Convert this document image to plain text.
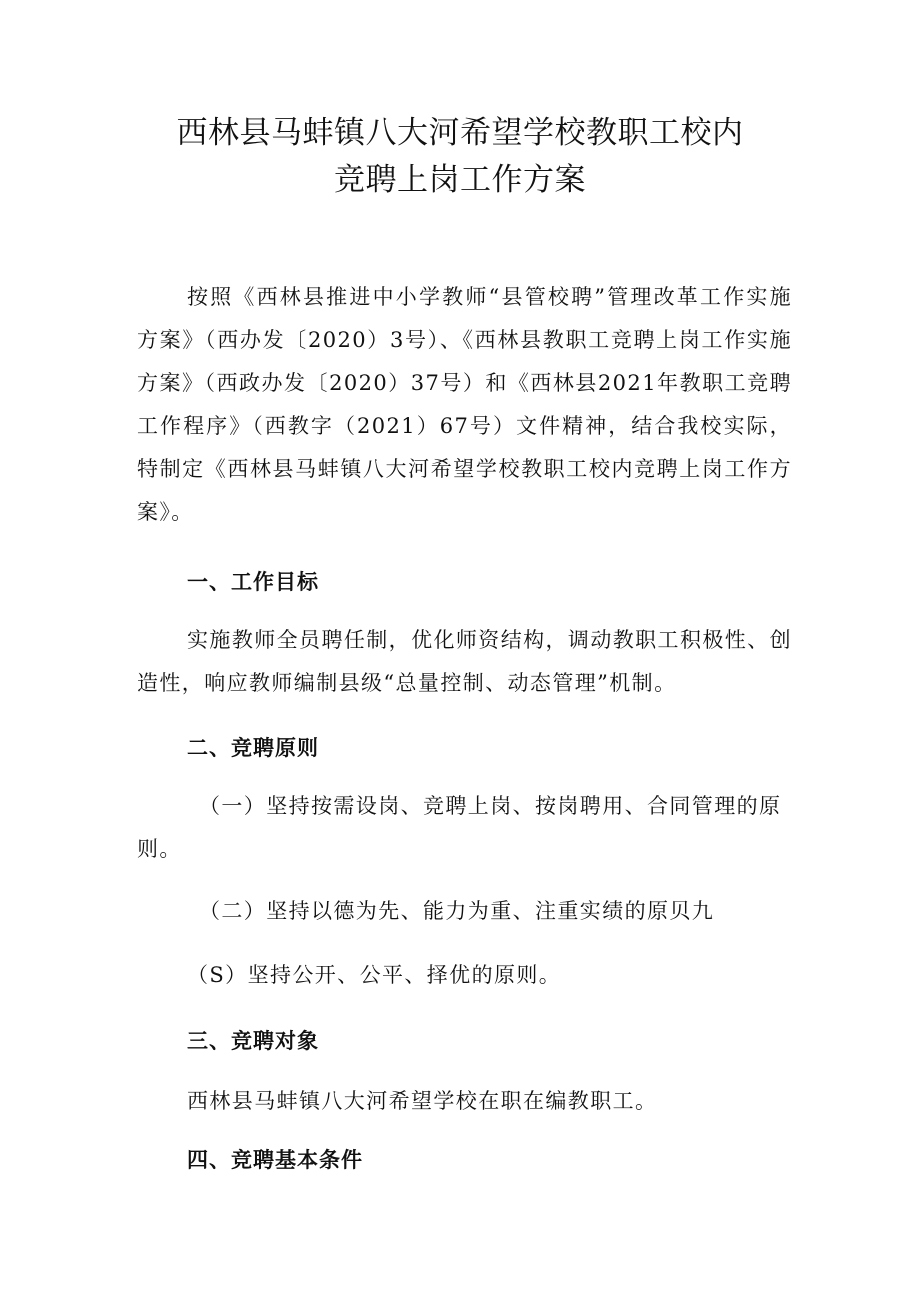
西林县马蚌镇八大河希望学校教职工校内
竞聘上岗工作方案

按照《西林县推进中小学教师“县管校聘”管理改革工作实施方案》（西办发〔2020）3号）、《西林县教职工竞聘上岗工作实施方案》（西政办发〔2020）37号）和《西林县2021年教职工竞聘工作程序》（西教字（2021）67号）文件精神，结合我校实际，特制定《西林县马蚌镇八大河希望学校教职工校内竞聘上岗工作方案》。

一、工作目标

实施教师全员聘任制，优化师资结构，调动教职工积极性、创造性，响应教师编制县级“总量控制、动态管理”机制。

二、竞聘原则

（一）坚持按需设岗、竞聘上岗、按岗聘用、合同管理的原则。

（二）坚持以德为先、能力为重、注重实绩的原贝九

（S）坚持公开、公平、择优的原则。

三、竞聘对象

西林县马蚌镇八大河希望学校在职在编教职工。

四、竞聘基本条件
